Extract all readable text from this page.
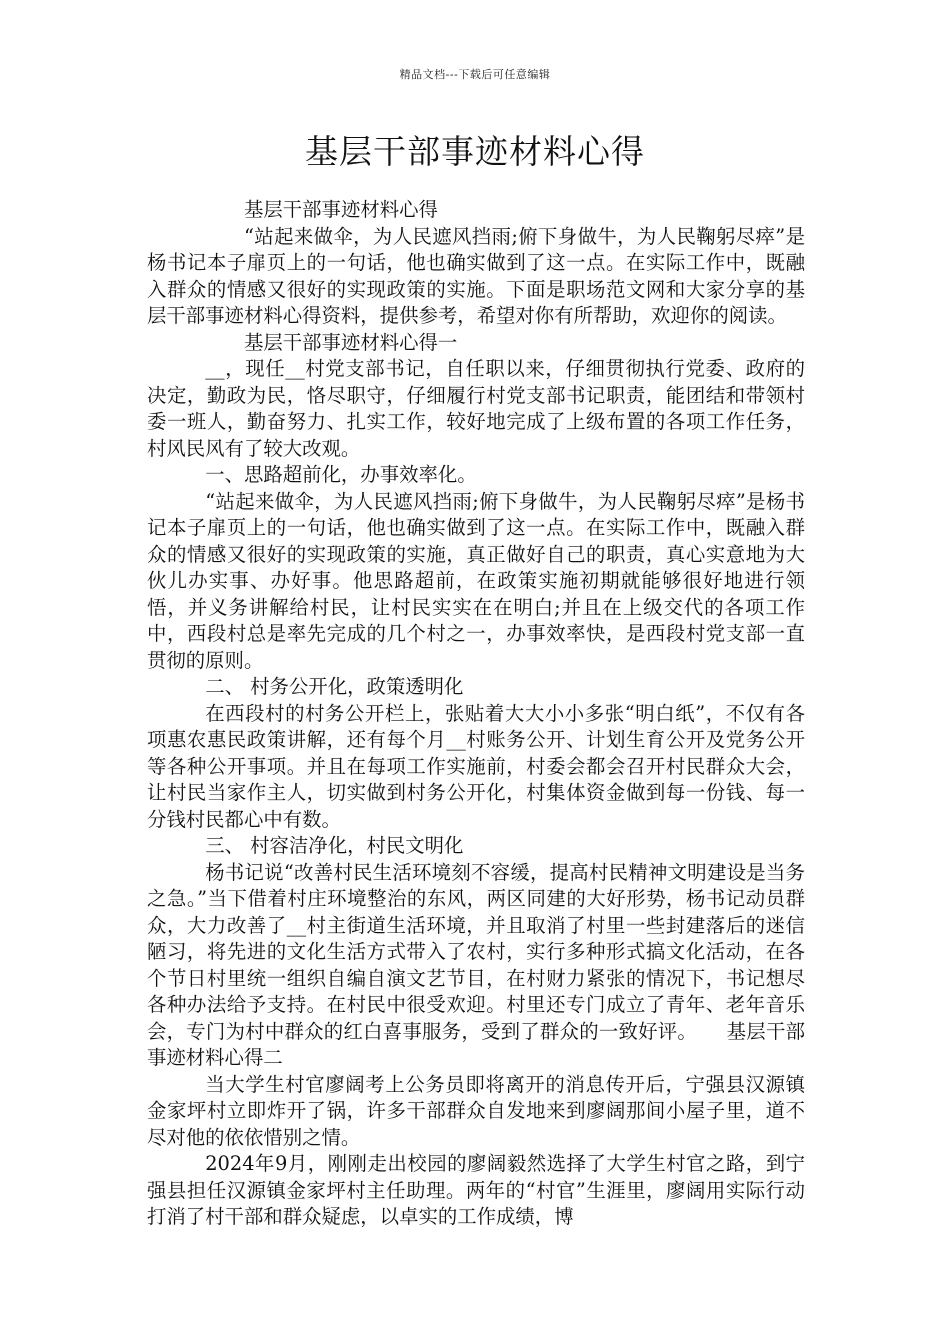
精品文档---下载后可任意编辑
基层干部事迹材料心得

基层干部事迹材料心得

“站起来做伞，为人民遮风挡雨;俯下身做牛，为人民鞠躬尽瘁”是杨书记本子扉页上的一句话，他也确实做到了这一点。在实际工作中，既融入群众的情感又很好的实现政策的实施。下面是职场范文网和大家分享的基层干部事迹材料心得资料，提供参考，希望对你有所帮助，欢迎你的阅读。

基层干部事迹材料心得一

__，现任__村党支部书记，自任职以来，仔细贯彻执行党委、政府的决定，勤政为民，恪尽职守，仔细履行村党支部书记职责，能团结和带领村委一班人，勤奋努力、扎实工作，较好地完成了上级布置的各项工作任务，村风民风有了较大改观。

一、思路超前化，办事效率化。

“站起来做伞，为人民遮风挡雨;俯下身做牛，为人民鞠躬尽瘁”是杨书记本子扉页上的一句话，他也确实做到了这一点。在实际工作中，既融入群众的情感又很好的实现政策的实施，真正做好自己的职责，真心实意地为大伙儿办实事、办好事。他思路超前，在政策实施初期就能够很好地进行领悟，并义务讲解给村民，让村民实实在在明白;并且在上级交代的各项工作中，西段村总是率先完成的几个村之一，办事效率快，是西段村党支部一直贯彻的原则。

二、 村务公开化，政策透明化

在西段村的村务公开栏上，张贴着大大小小多张“明白纸”，不仅有各项惠农惠民政策讲解，还有每个月__村账务公开、计划生育公开及党务公开等各种公开事项。并且在每项工作实施前，村委会都会召开村民群众大会，让村民当家作主人，切实做到村务公开化，村集体资金做到每一份钱、每一分钱村民都心中有数。

三、 村容洁净化，村民文明化

杨书记说“改善村民生活环境刻不容缓，提高村民精神文明建设是当务之急。”当下借着村庄环境整治的东风，两区同建的大好形势，杨书记动员群众，大力改善了__村主街道生活环境，并且取消了村里一些封建落后的迷信陋习，将先进的文化生活方式带入了农村，实行多种形式搞文化活动，在各个节日村里统一组织自编自演文艺节目，在村财力紧张的情况下，书记想尽各种办法给予支持。在村民中很受欢迎。村里还专门成立了青年、老年音乐会，专门为村中群众的红白喜事服务，受到了群众的一致好评。　　基层干部事迹材料心得二

当大学生村官廖阔考上公务员即将离开的消息传开后，宁强县汉源镇金家坪村立即炸开了锅，许多干部群众自发地来到廖阔那间小屋子里，道不尽对他的依依惜别之情。

2024年9月，刚刚走出校园的廖阔毅然选择了大学生村官之路，到宁强县担任汉源镇金家坪村主任助理。两年的“村官”生涯里，廖阔用实际行动打消了村干部和群众疑虑，以卓实的工作成绩，博
